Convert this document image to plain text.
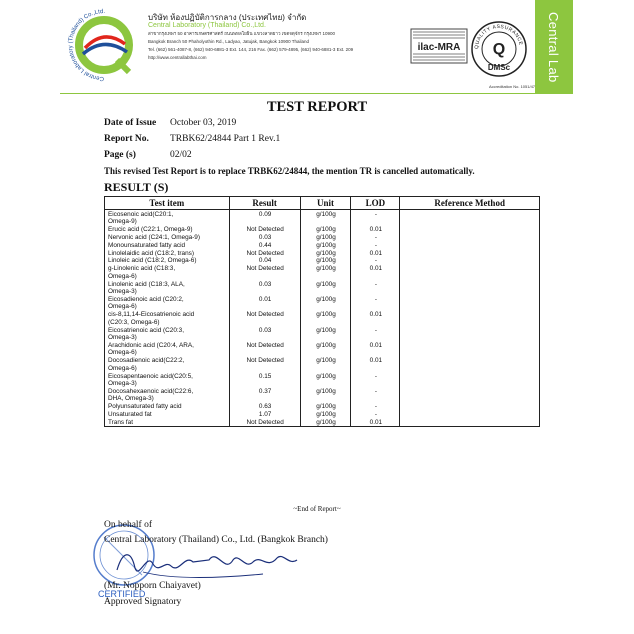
Central Laboratory (Thailand) Co.,Ltd.
บริษัท ห้องปฏิบัติการกลาง (ประเทศไทย) จำกัด
Central Laboratory (Thailand) Co.,Ltd.
สาขากรุงเทพฯ 50 อาคารเกษตรศาสตร์ ถนนพหลโยธิน แขวงลาดยาว เขตจตุจักร กรุงเทพฯ 10900
Bangkok Branch 50 Phaholyothin Rd., Ladyao, Jatujak, Bangkok 10900 Thailand
Tel. (662) 561-4087-8, (662) 940-6881-3 Ext. 144, 216 Fax. (662) 579-4895, (662) 940-6881-3 Ext. 209
http://www.centrallabthai.com
ilac-MRA	QUALITY ASSURANCE
Q
DMSc
Accreditation No. 1051/47
Central Lab
TEST REPORT
Date of Issue October 03, 2019
Report No. TRBK62/24844 Part 1 Rev.1
Page (s)	02/02
This revised Test Report is to replace TRBK62/24844, the mention TR is cancelled automatically.
RESULT (S)
Test item	Result	Unit	LOD	Reference Method

Eicosenoic acid(C20:1,
Omega-9)	0.09	g/100g	-	

Erucic acid (C22:1, Omega-9)	Not Detected	g/100g	0.01	

Nervonic acid (C24:1, Omega-9)	0.03	g/100g	-	

Monounsaturated fatty acid	0.44	g/100g	-	

Linolelaidic acid (C18:2, trans)	Not Detected	g/100g	0.01	

Linoleic acid (C18:2, Omega-6)	0.04	g/100g	-	

g-Linolenic acid (C18:3,
Omega-6)	Not Detected	g/100g	0.01	

Linolenic acid (C18:3, ALA,
Omega-3)	0.03	g/100g	-	

Eicosadienoic acid (C20:2,
Omega-6)	0.01	g/100g	-	

cis-8,11,14-Eicosatrienoic acid
(C20:3, Omega-6)	Not Detected	g/100g	0.01	

Eicosatrienoic acid (C20:3,
Omega-3)	0.03	g/100g	-	

Arachidonic acid (C20:4, ARA,
Omega-6)	Not Detected	g/100g	0.01	

Docosadienoic acid(C22:2,
Omega-6)	Not Detected	g/100g	0.01	

Eicosapentaenoic acid(C20:5,
Omega-3)	0.15	g/100g	-	

Docosahexaenoic acid(C22:6,
DHA, Omega-3)	0.37	g/100g	-	

Polyunsaturated fatty acid	0.63	g/100g	-	

Unsaturated fat	1.07	g/100g	-	

Trans fat	Not Detected	g/100g	0.01	
~End of Report~
CERTIFIED
On behalf of
Central Laboratory (Thailand) Co., Ltd. (Bangkok Branch)
(Mr. Nopporn Chaiyavet)
Approved Signatory
